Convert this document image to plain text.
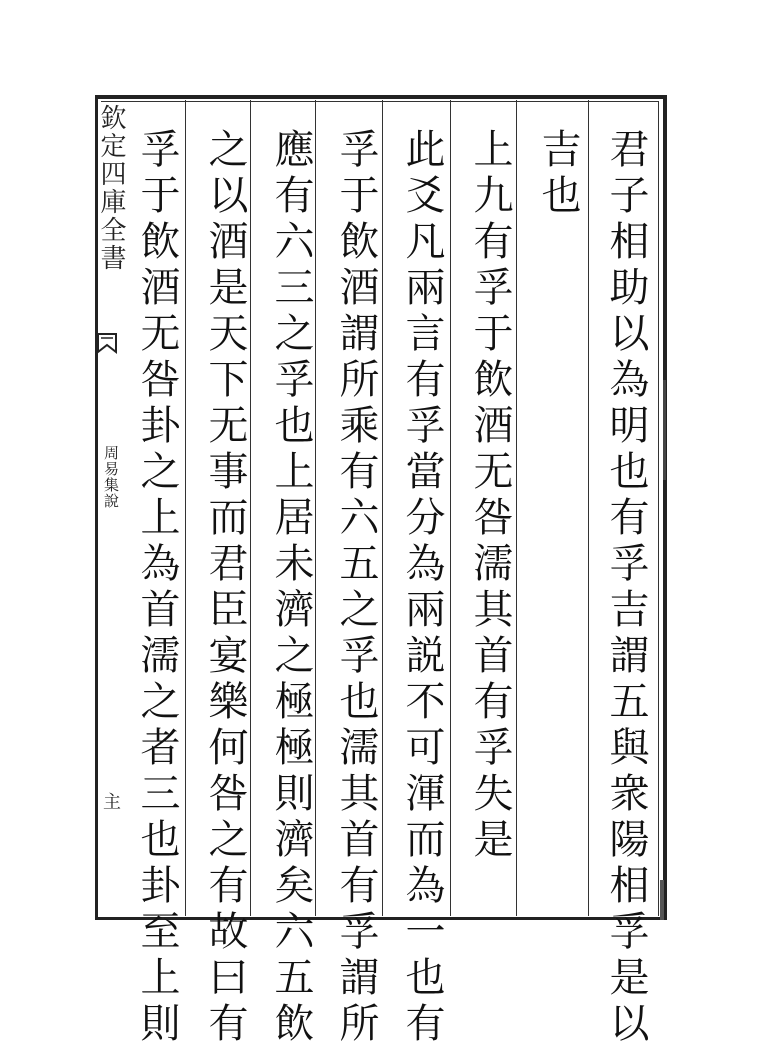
欽定四庫全書
周易集說
主	君子相助以為明也有孚吉謂五與衆陽相孚是以
吉也
上九有孚于飲酒无咎濡其首有孚失是
此爻凡兩言有孚當分為兩説不可渾而為一也有
孚于飲酒謂所乘有六五之孚也濡其首有孚謂所
應有六三之孚也上居未濟之極極則濟矣六五飲
之以酒是天下无事而君臣宴樂何咎之有故曰有
孚于飲酒无咎卦之上為首濡之者三也卦至上則
